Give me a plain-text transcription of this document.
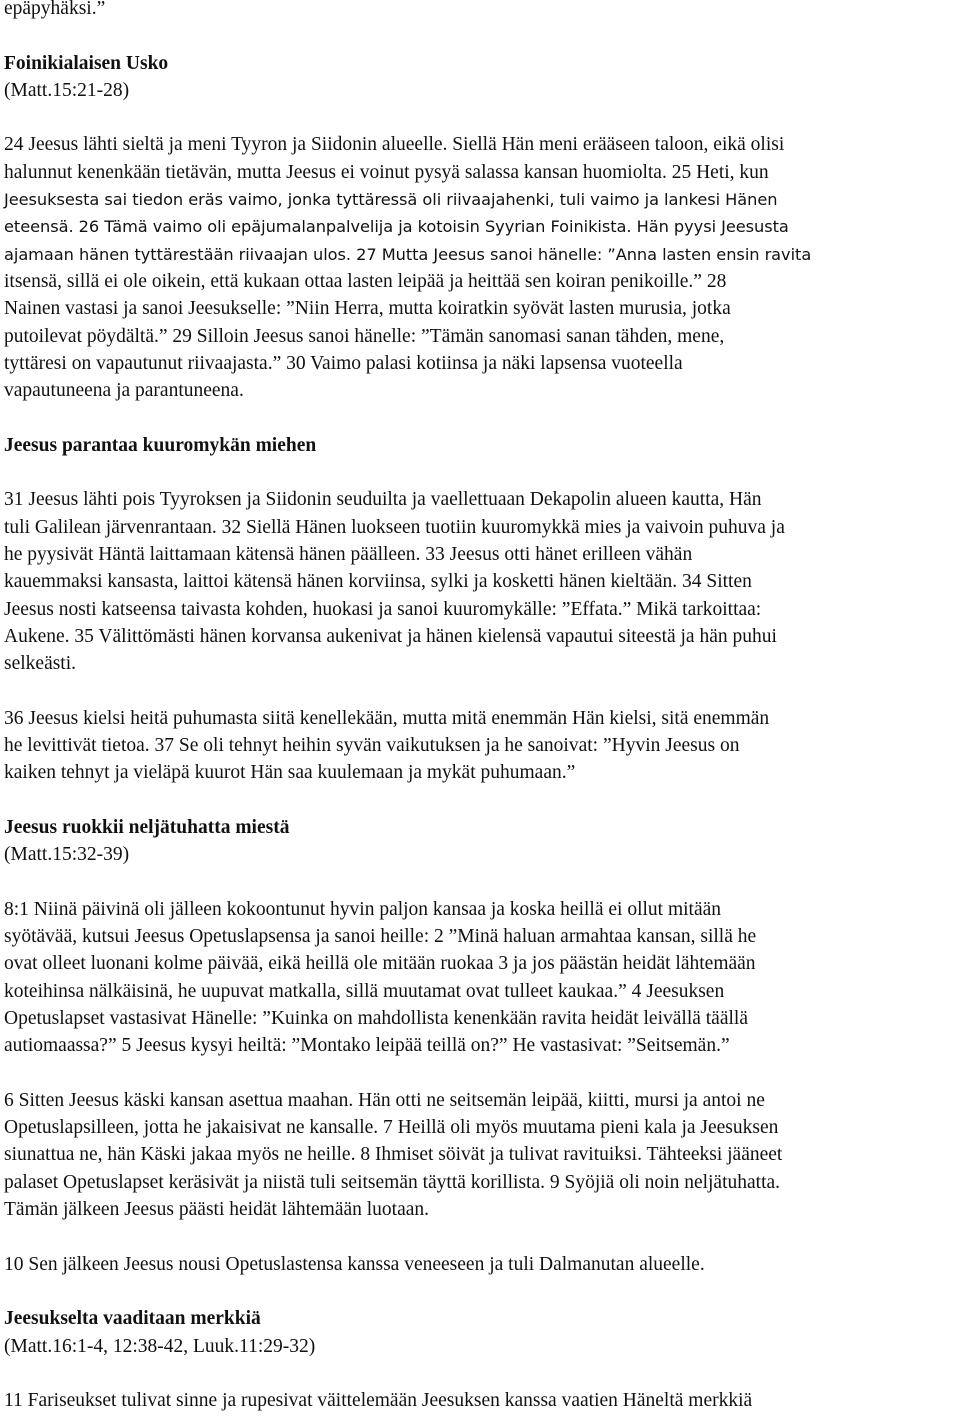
epäpyhäksi.”
Foinikialaisen Usko
(Matt.15:21-28)
24 Jeesus lähti sieltä ja meni Tyyron ja Siidonin alueelle. Siellä Hän meni erääseen taloon, eikä olisi
halunnut kenenkään tietävän, mutta Jeesus ei voinut pysyä salassa kansan huomiolta. 25 Heti, kun
Jeesuksesta sai tiedon eräs vaimo, jonka tyttäressä oli riivaajahenki, tuli vaimo ja lankesi Hänen
eteensä. 26 Tämä vaimo oli epäjumalanpalvelija ja kotoisin Syyrian Foinikista. Hän pyysi Jeesusta
ajamaan hänen tyttärestään riivaajan ulos. 27 Mutta Jeesus sanoi hänelle: ”Anna lasten ensin ravita
itsensä, sillä ei ole oikein, että kukaan ottaa lasten leipää ja heittää sen koiran penikoille.” 28
Nainen vastasi ja sanoi Jeesukselle: ”Niin Herra, mutta koiratkin syövät lasten murusia, jotka
putoilevat pöydältä.” 29 Silloin Jeesus sanoi hänelle: ”Tämän sanomasi sanan tähden, mene,
tyttäresi on vapautunut riivaajasta.” 30 Vaimo palasi kotiinsa ja näki lapsensa vuoteella
vapautuneena ja parantuneena.
Jeesus parantaa kuuromykän miehen
31 Jeesus lähti pois Tyyroksen ja Siidonin seuduilta ja vaellettuaan Dekapolin alueen kautta, Hän
tuli Galilean järvenrantaan. 32 Siellä Hänen luokseen tuotiin kuuromykkä mies ja vaivoin puhuva ja
he pyysivät Häntä laittamaan kätensä hänen päälleen. 33 Jeesus otti hänet erilleen vähän
kauemmaksi kansasta, laittoi kätensä hänen korviinsa, sylki ja kosketti hänen kieltään. 34 Sitten
Jeesus nosti katseensa taivasta kohden, huokasi ja sanoi kuuromykälle: ”Effata.” Mikä tarkoittaa:
Aukene. 35 Välittömästi hänen korvansa aukenivat ja hänen kielensä vapautui siteestä ja hän puhui
selkeästi.
36 Jeesus kielsi heitä puhumasta siitä kenellekään, mutta mitä enemmän Hän kielsi, sitä enemmän
he levittivät tietoa. 37 Se oli tehnyt heihin syvän vaikutuksen ja he sanoivat: ”Hyvin Jeesus on
kaiken tehnyt ja vieläpä kuurot Hän saa kuulemaan ja mykät puhumaan.”
Jeesus ruokkii neljätuhatta miestä
(Matt.15:32-39)
8:1 Niinä päivinä oli jälleen kokoontunut hyvin paljon kansaa ja koska heillä ei ollut mitään
syötävää, kutsui Jeesus Opetuslapsensa ja sanoi heille: 2 ”Minä haluan armahtaa kansan, sillä he
ovat olleet luonani kolme päivää, eikä heillä ole mitään ruokaa 3 ja jos päästän heidät lähtemään
koteihinsa nälkäisinä, he uupuvat matkalla, sillä muutamat ovat tulleet kaukaa.” 4 Jeesuksen
Opetuslapset vastasivat Hänelle: ”Kuinka on mahdollista kenenkään ravita heidät leivällä täällä
autiomaassa?” 5 Jeesus kysyi heiltä: ”Montako leipää teillä on?” He vastasivat: ”Seitsemän.”
6 Sitten Jeesus käski kansan asettua maahan. Hän otti ne seitsemän leipää, kiitti, mursi ja antoi ne
Opetuslapsilleen, jotta he jakaisivat ne kansalle. 7 Heillä oli myös muutama pieni kala ja Jeesuksen
siunattua ne, hän Käski jakaa myös ne heille. 8 Ihmiset söivät ja tulivat ravituiksi. Tähteeksi jääneet
palaset Opetuslapset keräsivät ja niistä tuli seitsemän täyttä korillista. 9 Syöjiä oli noin neljätuhatta.
Tämän jälkeen Jeesus päästi heidät lähtemään luotaan.
10 Sen jälkeen Jeesus nousi Opetuslastensa kanssa veneeseen ja tuli Dalmanutan alueelle.
Jeesukselta vaaditaan merkkiä
(Matt.16:1-4, 12:38-42, Luuk.11:29-32)
11 Fariseukset tulivat sinne ja rupesivat väittelemään Jeesuksen kanssa vaatien Häneltä merkkiä
